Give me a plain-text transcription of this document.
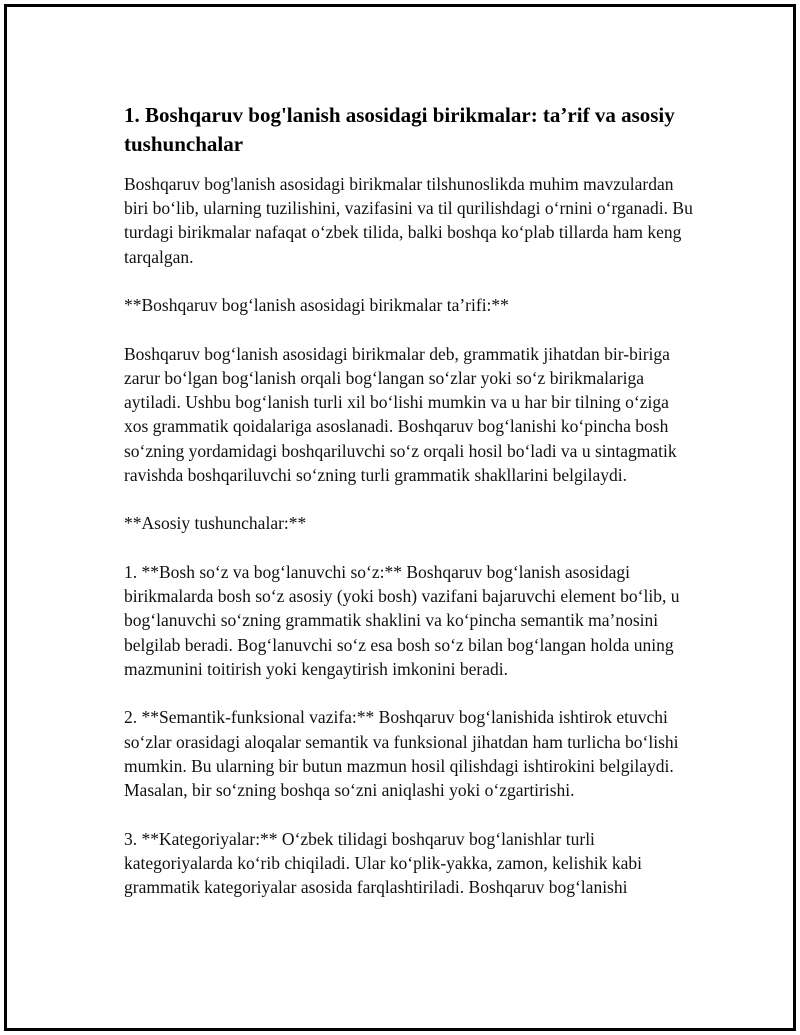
1. Boshqaruv bog'lanish asosidagi birikmalar: ta’rif va asosiy tushunchalar

Boshqaruv bog'lanish asosidagi birikmalar tilshunoslikda muhim mavzulardan biri bo‘lib, ularning tuzilishini, vazifasini va til qurilishdagi o‘rnini o‘rganadi. Bu turdagi birikmalar nafaqat o‘zbek tilida, balki boshqa ko‘plab tillarda ham keng tarqalgan.

**Boshqaruv bog‘lanish asosidagi birikmalar ta’rifi:**

Boshqaruv bog‘lanish asosidagi birikmalar deb, grammatik jihatdan bir-biriga zarur bo‘lgan bog‘lanish orqali bog‘langan so‘zlar yoki so‘z birikmalariga aytiladi. Ushbu bog‘lanish turli xil bo‘lishi mumkin va u har bir tilning o‘ziga xos grammatik qoidalariga asoslanadi. Boshqaruv bog‘lanishi ko‘pincha bosh so‘zning yordamidagi boshqariluvchi so‘z orqali hosil bo‘ladi va u sintagmatik ravishda boshqariluvchi so‘zning turli grammatik shakllarini belgilaydi.

**Asosiy tushunchalar:**

1. **Bosh so‘z va bog‘lanuvchi so‘z:** Boshqaruv bog‘lanish asosidagi birikmalarda bosh so‘z asosiy (yoki bosh) vazifani bajaruvchi element bo‘lib, u bog‘lanuvchi so‘zning grammatik shaklini va ko‘pincha semantik ma’nosini belgilab beradi. Bog‘lanuvchi so‘z esa bosh so‘z bilan bog‘langan holda uning mazmunini toitirish yoki kengaytirish imkonini beradi.

2. **Semantik-funksional vazifa:** Boshqaruv bog‘lanishida ishtirok etuvchi so‘zlar orasidagi aloqalar semantik va funksional jihatdan ham turlicha bo‘lishi mumkin. Bu ularning bir butun mazmun hosil qilishdagi ishtirokini belgilaydi. Masalan, bir so‘zning boshqa so‘zni aniqlashi yoki o‘zgartirishi.

3. **Kategoriyalar:** O‘zbek tilidagi boshqaruv bog‘lanishlar turli kategoriyalarda ko‘rib chiqiladi. Ular ko‘plik-yakka, zamon, kelishik kabi grammatik kategoriyalar asosida farqlashtiriladi. Boshqaruv bog‘lanishi
